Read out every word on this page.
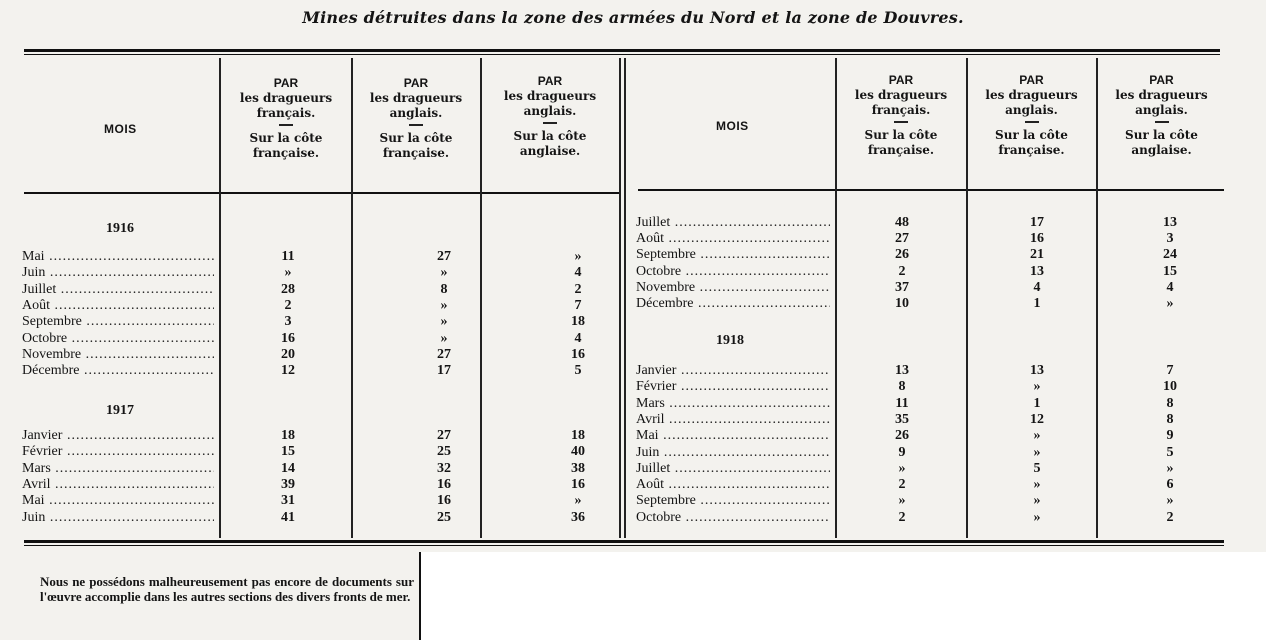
Mines détruites dans la zone des armées du Nord et la zone de Douvres.
MOIS
PAR
les dragueurs
français.
Sur la côte
française.
PAR
les dragueurs
anglais.
Sur la côte
française.
PAR
les dragueurs
anglais.
Sur la côte
anglaise.
MOIS
PAR
les dragueurs
français.
Sur la côte
française.
PAR
les dragueurs
anglais.
Sur la côte
française.
PAR
les dragueurs
anglais.
Sur la côte
anglaise.
1916
1917
1918
Mai .....	11	27	»
Juin .....	»	»	4
Juillet .....	28	8	2
Août .....	2	»	7
Septembre .....	3	»	18
Octobre .....	16	»	4
Novembre .....	20	27	16
Décembre .....	12	17	5
Janvier .....	18	27	18
Février .....	15	25	40
Mars .....	14	32	38
Avril .....	39	16	16
Mai .....	31	16	»
Juin .....	41	25	36
Juillet .....	48	17	13
Août .....	27	16	3
Septembre .....	26	21	24
Octobre .....	2	13	15
Novembre .....	37	4	4
Décembre .....	10	1	»
Janvier .....	13	13	7
Février .....	8	»	10
Mars .....	11	1	8
Avril .....	35	12	8
Mai .....	26	»	9
Juin .....	9	»	5
Juillet .....	»	5	»
Août .....	2	»	6
Septembre .....	»	»	»
Octobre .....	2	»	2
Nous ne possédons malheureusement pas encore de documents sur l'œuvre accomplie dans les autres sections des divers fronts de mer.
